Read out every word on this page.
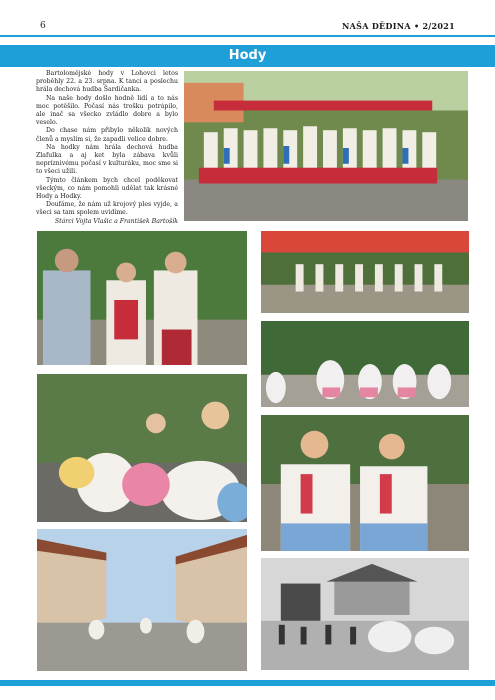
6	NAŠA DĚDINA • 2/2021
Hody

Bartolomějské hody v Lohovci letos proběhly 22. a 23. srpna. K tanci a poslechu hrála dechová hudba Šardičanka.

Na naše hody došlo hodně lidí a to nás moc potěšilo. Počasí nás trošku potrápilo, ale inač sa všecko zvládlo dobre a bylo veselo.

Do chase nám přibylo několik nových členů a myslím si, že zapadli velice dobre.

Na hodky nám hrála dechová hudba Zlafulka a aj ket byla zábava kvůli nepríznivému počasí v kulturáku, moc sme si to všeci užili.

Týmto článkem bych chcel poděkovat všeckým, co nám pomohli udělat tak krásné Hody a Hodky.

Doufáme, že nám už krojový ples vyjde, a všeci sa tam spolem uvidíme.

Stárci Vojta Vlašic a František Bartošík
